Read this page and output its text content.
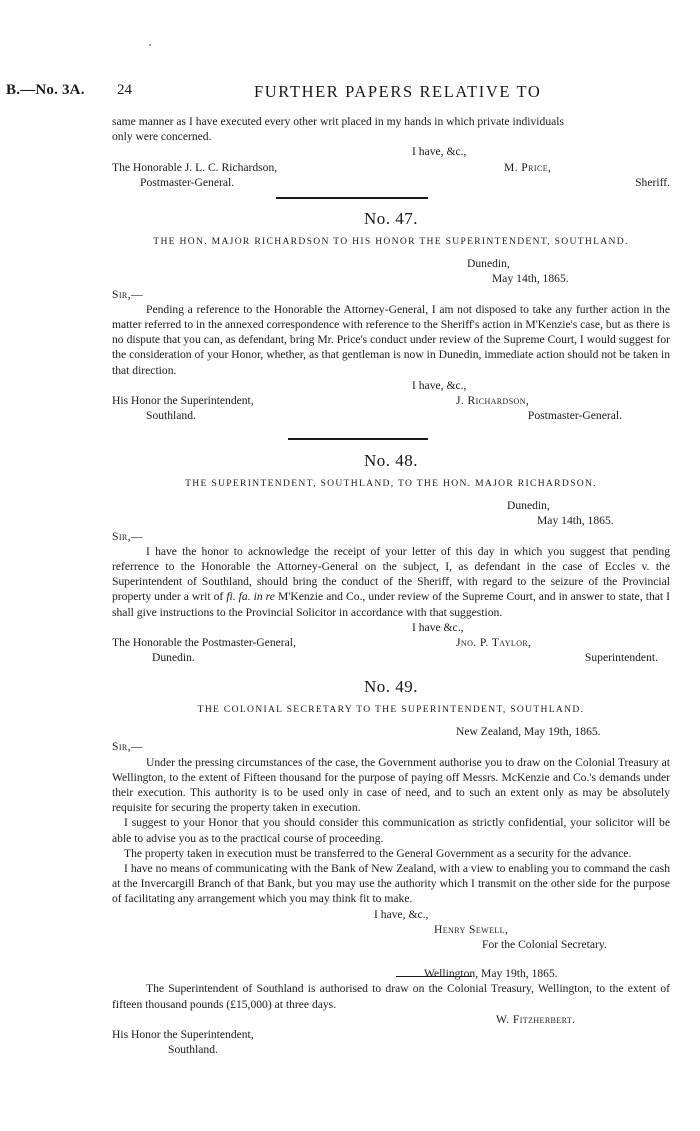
B.—No. 3A. 24	FURTHER PAPERS RELATIVE TO
same manner as I have executed every other writ placed in my hands in which private individuals
only were concerned.
I have, &c.,
The Honorable J. L. C. Richardson,	M. Price,
Postmaster-General.	Sheriff.
No. 47.
THE HON. MAJOR RICHARDSON TO HIS HONOR THE SUPERINTENDENT, SOUTHLAND.
Dunedin,
May 14th, 1865.
Sir,—

Pending a reference to the Honorable the Attorney-General, I am not disposed to take any further action in the matter referred to in the annexed correspondence with reference to the Sheriff's action in M'Kenzie's case, but as there is no dispute that you can, as defendant, bring Mr. Price's conduct under review of the Supreme Court, I would suggest for the consideration of your Honor, whether, as that gentleman is now in Dunedin, immediate action should not be taken in that direction.

I have, &c.,
His Honor the Superintendent,	J. Richardson,
Southland.	Postmaster-General.
No. 48.
THE SUPERINTENDENT, SOUTHLAND, TO THE HON. MAJOR RICHARDSON.
Dunedin,
May 14th, 1865.
Sir,—

I have the honor to acknowledge the receipt of your letter of this day in which you suggest that pending referrence to the Honorable the Attorney-General on the subject, I, as defendant in the case of Eccles v. the Superintendent of Southland, should bring the conduct of the Sheriff, with regard to the seizure of the Provincial property under a writ of fi. fa. in re M'Kenzie and Co., under review of the Supreme Court, and in answer to state, that I shall give instructions to the Provincial Solicitor in accordance with that suggestion.

I have &c.,
The Honorable the Postmaster-General,	Jno. P. Taylor,
Dunedin.	Superintendent.
No. 49.
THE COLONIAL SECRETARY TO THE SUPERINTENDENT, SOUTHLAND.
New Zealand, May 19th, 1865.
Sir,—

Under the pressing circumstances of the case, the Government authorise you to draw on the Colonial Treasury at Wellington, to the extent of Fifteen thousand for the purpose of paying off Messrs. McKenzie and Co.'s demands under their execution. This authority is to be used only in case of need, and to such an extent only as may be absolutely requisite for securing the property taken in execution.

I suggest to your Honor that you should consider this communication as strictly confidential, your solicitor will be able to advise you as to the practical course of proceeding.

The property taken in execution must be transferred to the General Government as a security for the advance.

I have no means of communicating with the Bank of New Zealand, with a view to enabling you to command the cash at the Invercargill Branch of that Bank, but you may use the authority which I transmit on the other side for the purpose of facilitating any arrangement which you may think fit to make.

I have, &c.,
Henry Sewell,
For the Colonial Secretary.
Wellington, May 19th, 1865.

The Superintendent of Southland is authorised to draw on the Colonial Treasury, Wellington, to the extent of fifteen thousand pounds (£15,000) at three days.

W. Fitzherbert.
His Honor the Superintendent,
Southland.
